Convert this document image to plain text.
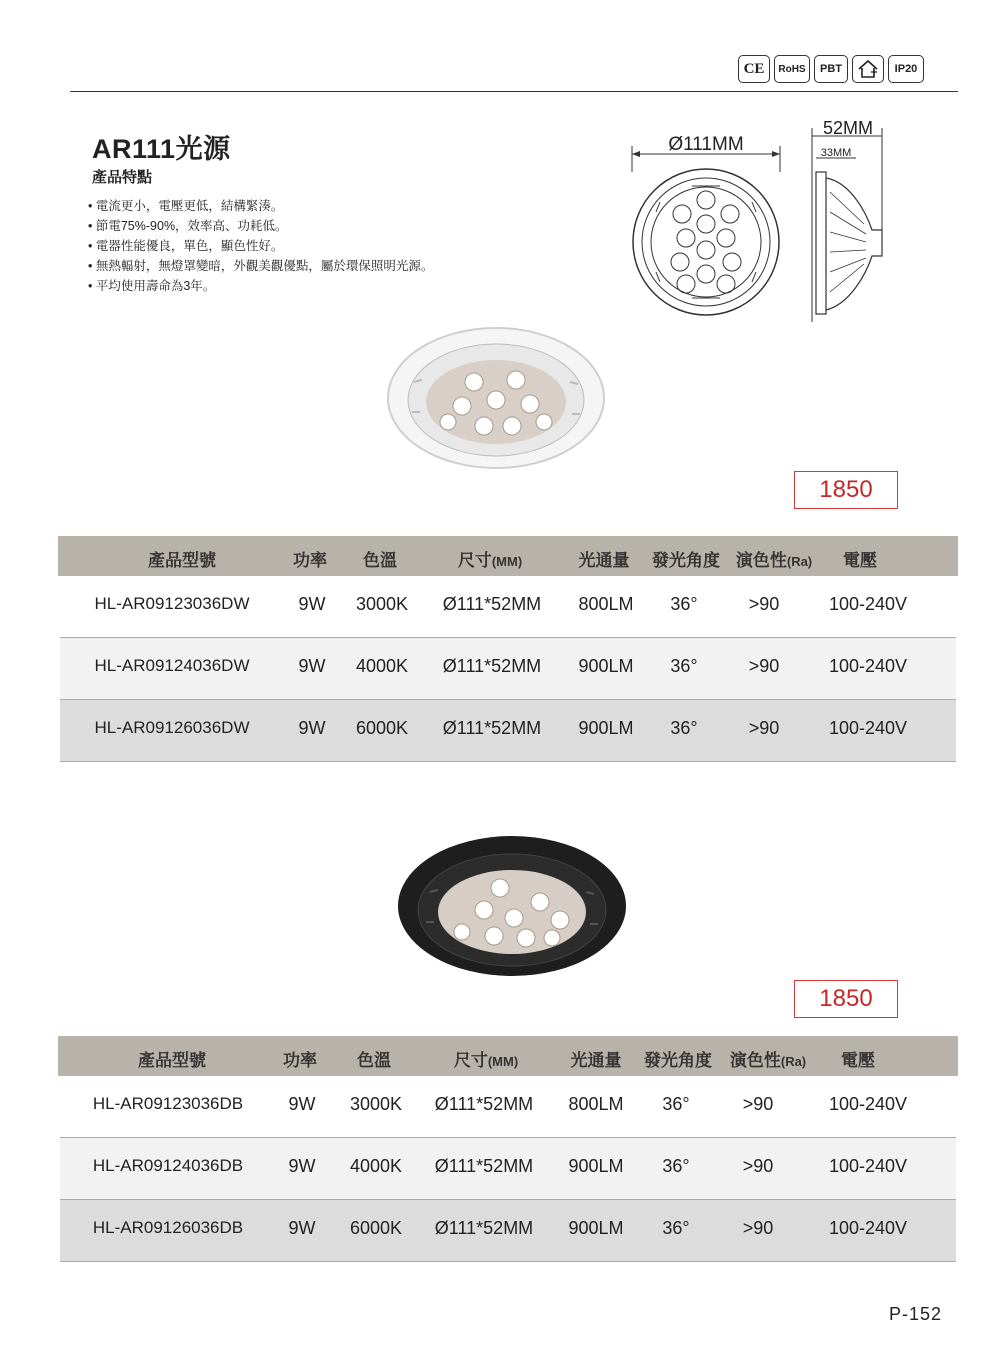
CE	RoHS	PBT	IP20
AR111光源
產品特點
• 電流更小，電壓更低，結構緊湊。
• 節電75%-90%，效率高、功耗低。
• 電器性能優良，單色，顯色性好。
• 無熱輻射，無燈罩變暗，外觀美觀優點，屬於環保照明光源。
• 平均使用壽命為3年。
Ø111MM
52MM
33MM
1850
產品型號	功率 色溫	尺寸(MM)	光通量 發光角度 演色性(Ra) 電壓
HL-AR09123036DW	9W 3000K Ø111*52MM 800LM 36°	>90	100-240V
HL-AR09124036DW	9W 4000K Ø111*52MM 900LM 36°	>90	100-240V
HL-AR09126036DW	9W 6000K Ø111*52MM 900LM 36°	>90	100-240V
1850
產品型號	功率 色溫	尺寸(MM)	光通量 發光角度 演色性(Ra) 電壓
HL-AR09123036DB	9W 3000K Ø111*52MM 800LM 36°	>90	100-240V
HL-AR09124036DB	9W 4000K Ø111*52MM 900LM 36°	>90	100-240V
HL-AR09126036DB	9W 6000K Ø111*52MM 900LM 36°	>90	100-240V
P-152
